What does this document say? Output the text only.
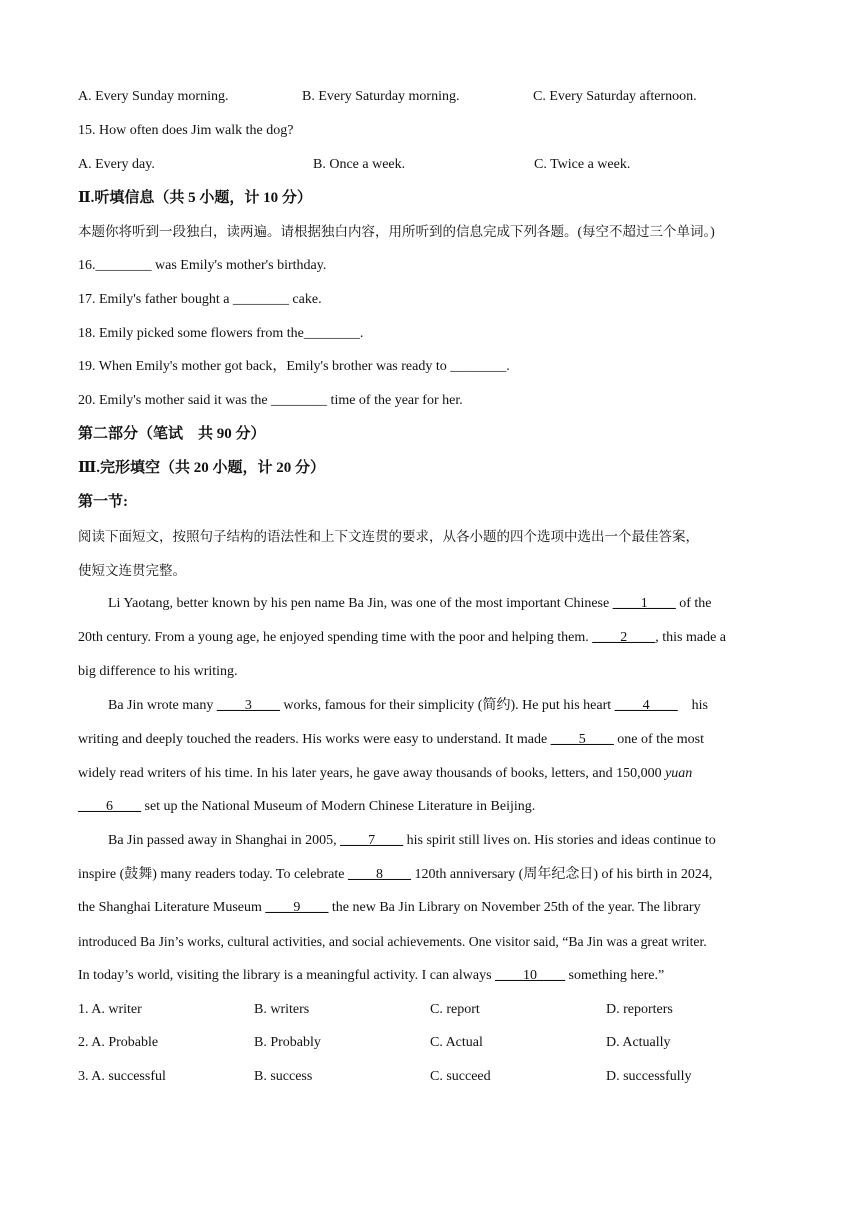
A. Every Sunday morning.	B. Every Saturday morning.	C. Every Saturday afternoon.
15. How often does Jim walk the dog?
A. Every day.	B. Once a week.	C. Twice a week.
Ⅱ.听填信息（共 5 小题，计 10 分）
本题你将听到一段独白，读两遍。请根据独白内容，用所听到的信息完成下列各题。(每空不超过三个单词。)
16.________ was Emily's mother's birthday.
17. Emily's father bought a ________ cake.
18. Emily picked some flowers from the________.
19. When Emily's mother got back，Emily's brother was ready to ________.
20. Emily's mother said it was the ________ time of the year for her.
第二部分（笔试　共 90 分）
Ⅲ.完形填空（共 20 小题，计 20 分）
第一节:
阅读下面短文，按照句子结构的语法性和上下文连贯的要求，从各小题的四个选项中选出一个最佳答案，
使短文连贯完整。
Li Yaotang, better known by his pen name Ba Jin, was one of the most important Chinese ____1____ of the
20th century. From a young age, he enjoyed spending time with the poor and helping them. ____2____, this made a
big difference to his writing.
Ba Jin wrote many ____3____ works, famous for their simplicity (简约). He put his heart ____4____ his
writing and deeply touched the readers. His works were easy to understand. It made ____5____ one of the most
widely read writers of his time. In his later years, he gave away thousands of books, letters, and 150,000 yuan
____6____ set up the National Museum of Modern Chinese Literature in Beijing.
Ba Jin passed away in Shanghai in 2005, ____7____ his spirit still lives on. His stories and ideas continue to
inspire (鼓舞) many readers today. To celebrate ____8____ 120th anniversary (周年纪念日) of his birth in 2024,
the Shanghai Literature Museum ____9____ the new Ba Jin Library on November 25th of the year. The library
introduced Ba Jin’s works, cultural activities, and social achievements. One visitor said, “Ba Jin was a great writer.
In today’s world, visiting the library is a meaningful activity. I can always ____10____ something here.”
1. A. writer	B. writers	C. report	D. reporters
2. A. Probable	B. Probably	C. Actual	D. Actually
3. A. successful	B. success	C. succeed	D. successfully
